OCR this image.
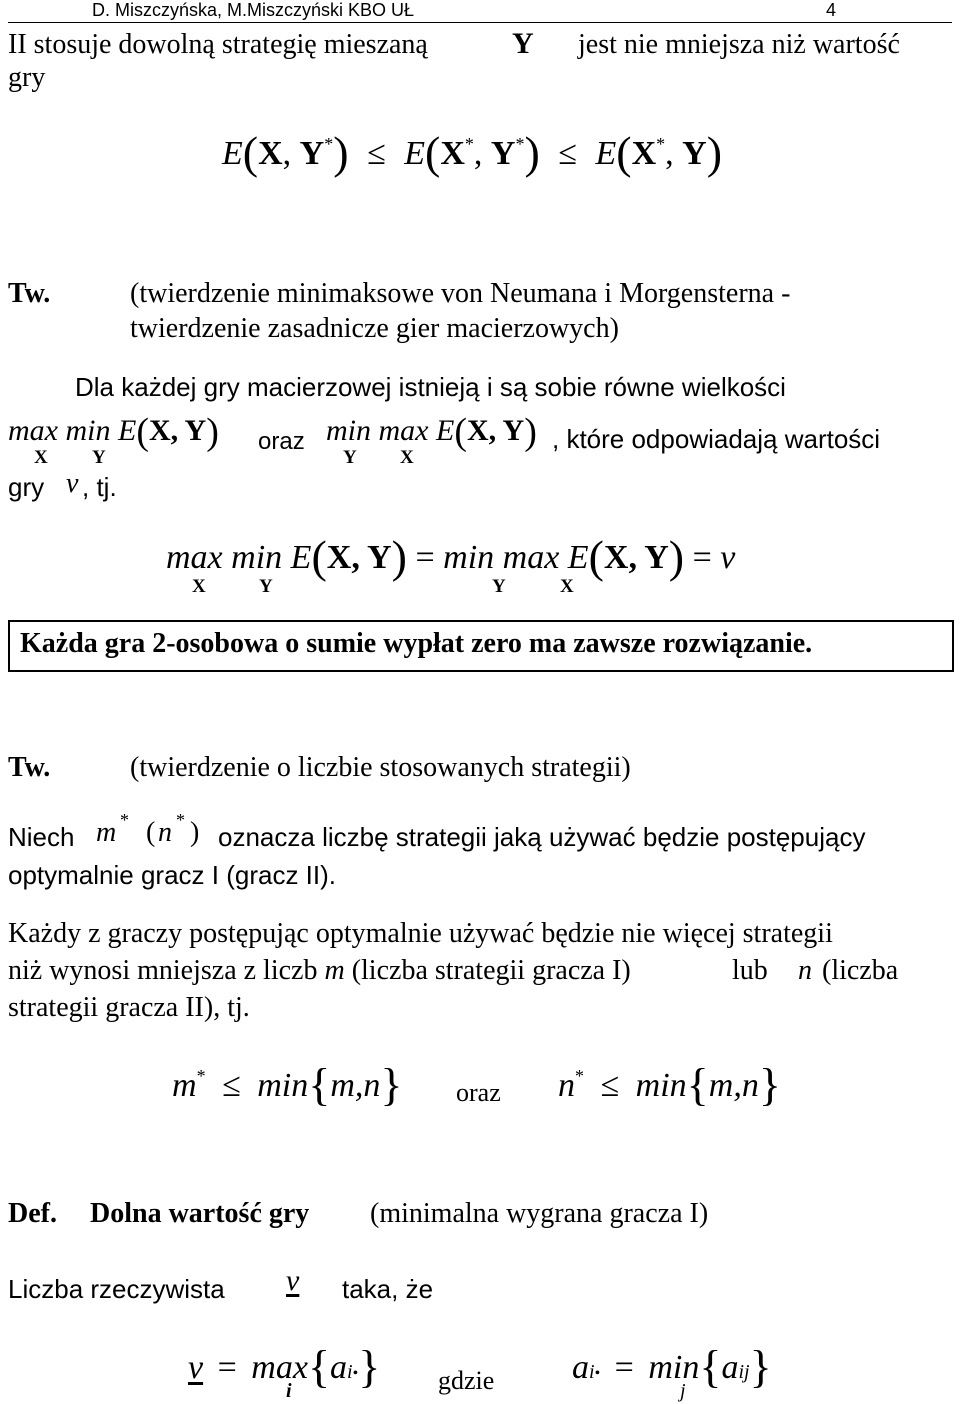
D. Miszczyńska, M.Miszczyński KBO UŁ	4
II stosuje dowolną strategię mieszaną	Y jest nie mniejsza niż wartość
gry
E(X, Y*) ≤ E(X*, Y*) ≤ E(X*, Y)
Tw.	(twierdzenie minimaksowe von Neumana i Morgensterna -
twierdzenie zasadnicze gier macierzowych)
Dla każdej gry macierzowej istnieją i są sobie równe wielkości
max min E(X, Y)
X Y
oraz min max E(X, Y)
Y X
, które odpowiadają wartości
gry v , tj.
max min E(X, Y) = min max E(X, Y) = v
X	Y	Y	X
Każda gra 2-osobowa o sumie wypłat zero ma zawsze rozwiązanie.
Tw.	(twierdzenie o liczbie stosowanych strategii)
Niech m * ( n * ) oznacza liczbę strategii jaką używać będzie postępujący
optymalnie gracz I (gracz II).
Każdy z graczy postępując optymalnie używać będzie nie więcej strategii
niż wynosi mniejsza z liczb m (liczba strategii gracza I)	lub n (liczba
strategii gracza II), tj.
m* ≤ min{m,n} oraz n* ≤ min{m,n}
Def. Dolna wartość gry (minimalna wygrana gracza I)
Liczba rzeczywista v taka, że
v = max{ai•}
i	gdzie ai• = min{aij}
j
